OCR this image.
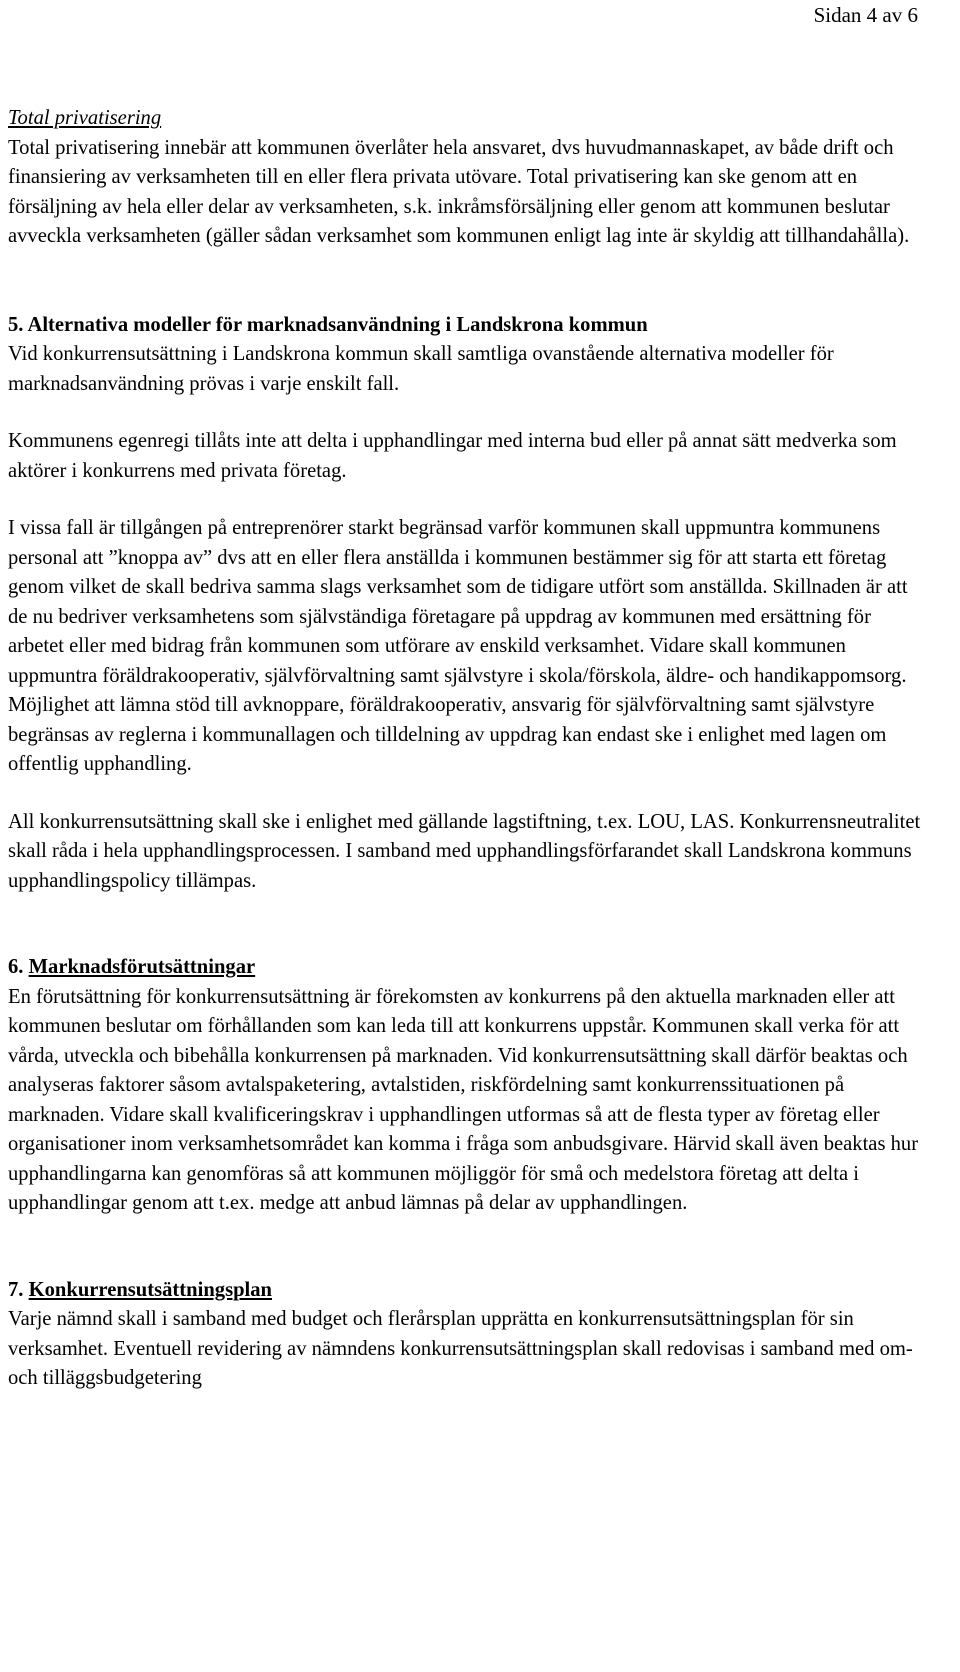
Sidan 4 av 6

Total privatisering

Total privatisering innebär att kommunen överlåter hela ansvaret, dvs huvudmannaskapet, av både drift och finansiering av verksamheten till en eller flera privata utövare. Total privatisering kan ske genom att en försäljning av hela eller delar av verksamheten, s.k. inkråmsförsäljning eller genom att kommunen beslutar avveckla verksamheten (gäller sådan verksamhet som kommunen enligt lag inte är skyldig att tillhandahålla).

5. Alternativa modeller för marknadsanvändning i Landskrona kommun

Vid konkurrensutsättning i Landskrona kommun skall samtliga ovanstående alternativa modeller för marknadsanvändning prövas i varje enskilt fall.

Kommunens egenregi tillåts inte att delta i upphandlingar med interna bud eller på annat sätt medverka som aktörer i konkurrens med privata företag.

I vissa fall är tillgången på entreprenörer starkt begränsad varför kommunen skall uppmuntra kommunens personal att ”knoppa av” dvs att en eller flera anställda i kommunen bestämmer sig för att starta ett företag genom vilket de skall bedriva samma slags verksamhet som de tidigare utfört som anställda. Skillnaden är att de nu bedriver verksamhetens som självständiga företagare på uppdrag av kommunen med ersättning för arbetet eller med bidrag från kommunen som utförare av enskild verksamhet. Vidare skall kommunen uppmuntra föräldrakooperativ, självförvaltning samt självstyre i skola/förskola, äldre- och handikappomsorg. Möjlighet att lämna stöd till avknoppare, föräldrakooperativ, ansvarig för självförvaltning samt självstyre begränsas av reglerna i kommunallagen och tilldelning av uppdrag kan endast ske i enlighet med lagen om offentlig upphandling.

All konkurrensutsättning skall ske i enlighet med gällande lagstiftning, t.ex. LOU, LAS. Konkurrensneutralitet skall råda i hela upphandlingsprocessen. I samband med upphandlingsförfarandet skall Landskrona kommuns upphandlingspolicy tillämpas.

6. Marknadsförutsättningar

En förutsättning för konkurrensutsättning är förekomsten av konkurrens på den aktuella marknaden eller att kommunen beslutar om förhållanden som kan leda till att konkurrens uppstår. Kommunen skall verka för att vårda, utveckla och bibehålla konkurrensen på marknaden. Vid konkurrensutsättning skall därför beaktas och analyseras faktorer såsom avtalspaketering, avtalstiden, riskfördelning samt konkurrenssituationen på marknaden. Vidare skall kvalificeringskrav i upphandlingen utformas så att de flesta typer av företag eller organisationer inom verksamhetsområdet kan komma i fråga som anbudsgivare. Härvid skall även beaktas hur upphandlingarna kan genomföras så att kommunen möjliggör för små och medelstora företag att delta i upphandlingar genom att t.ex. medge att anbud lämnas på delar av upphandlingen.

7. Konkurrensutsättningsplan

Varje nämnd skall i samband med budget och flerårsplan upprätta en konkurrensutsättningsplan för sin verksamhet. Eventuell revidering av nämndens konkurrensutsättningsplan skall redovisas i samband med om- och tilläggsbudgetering
